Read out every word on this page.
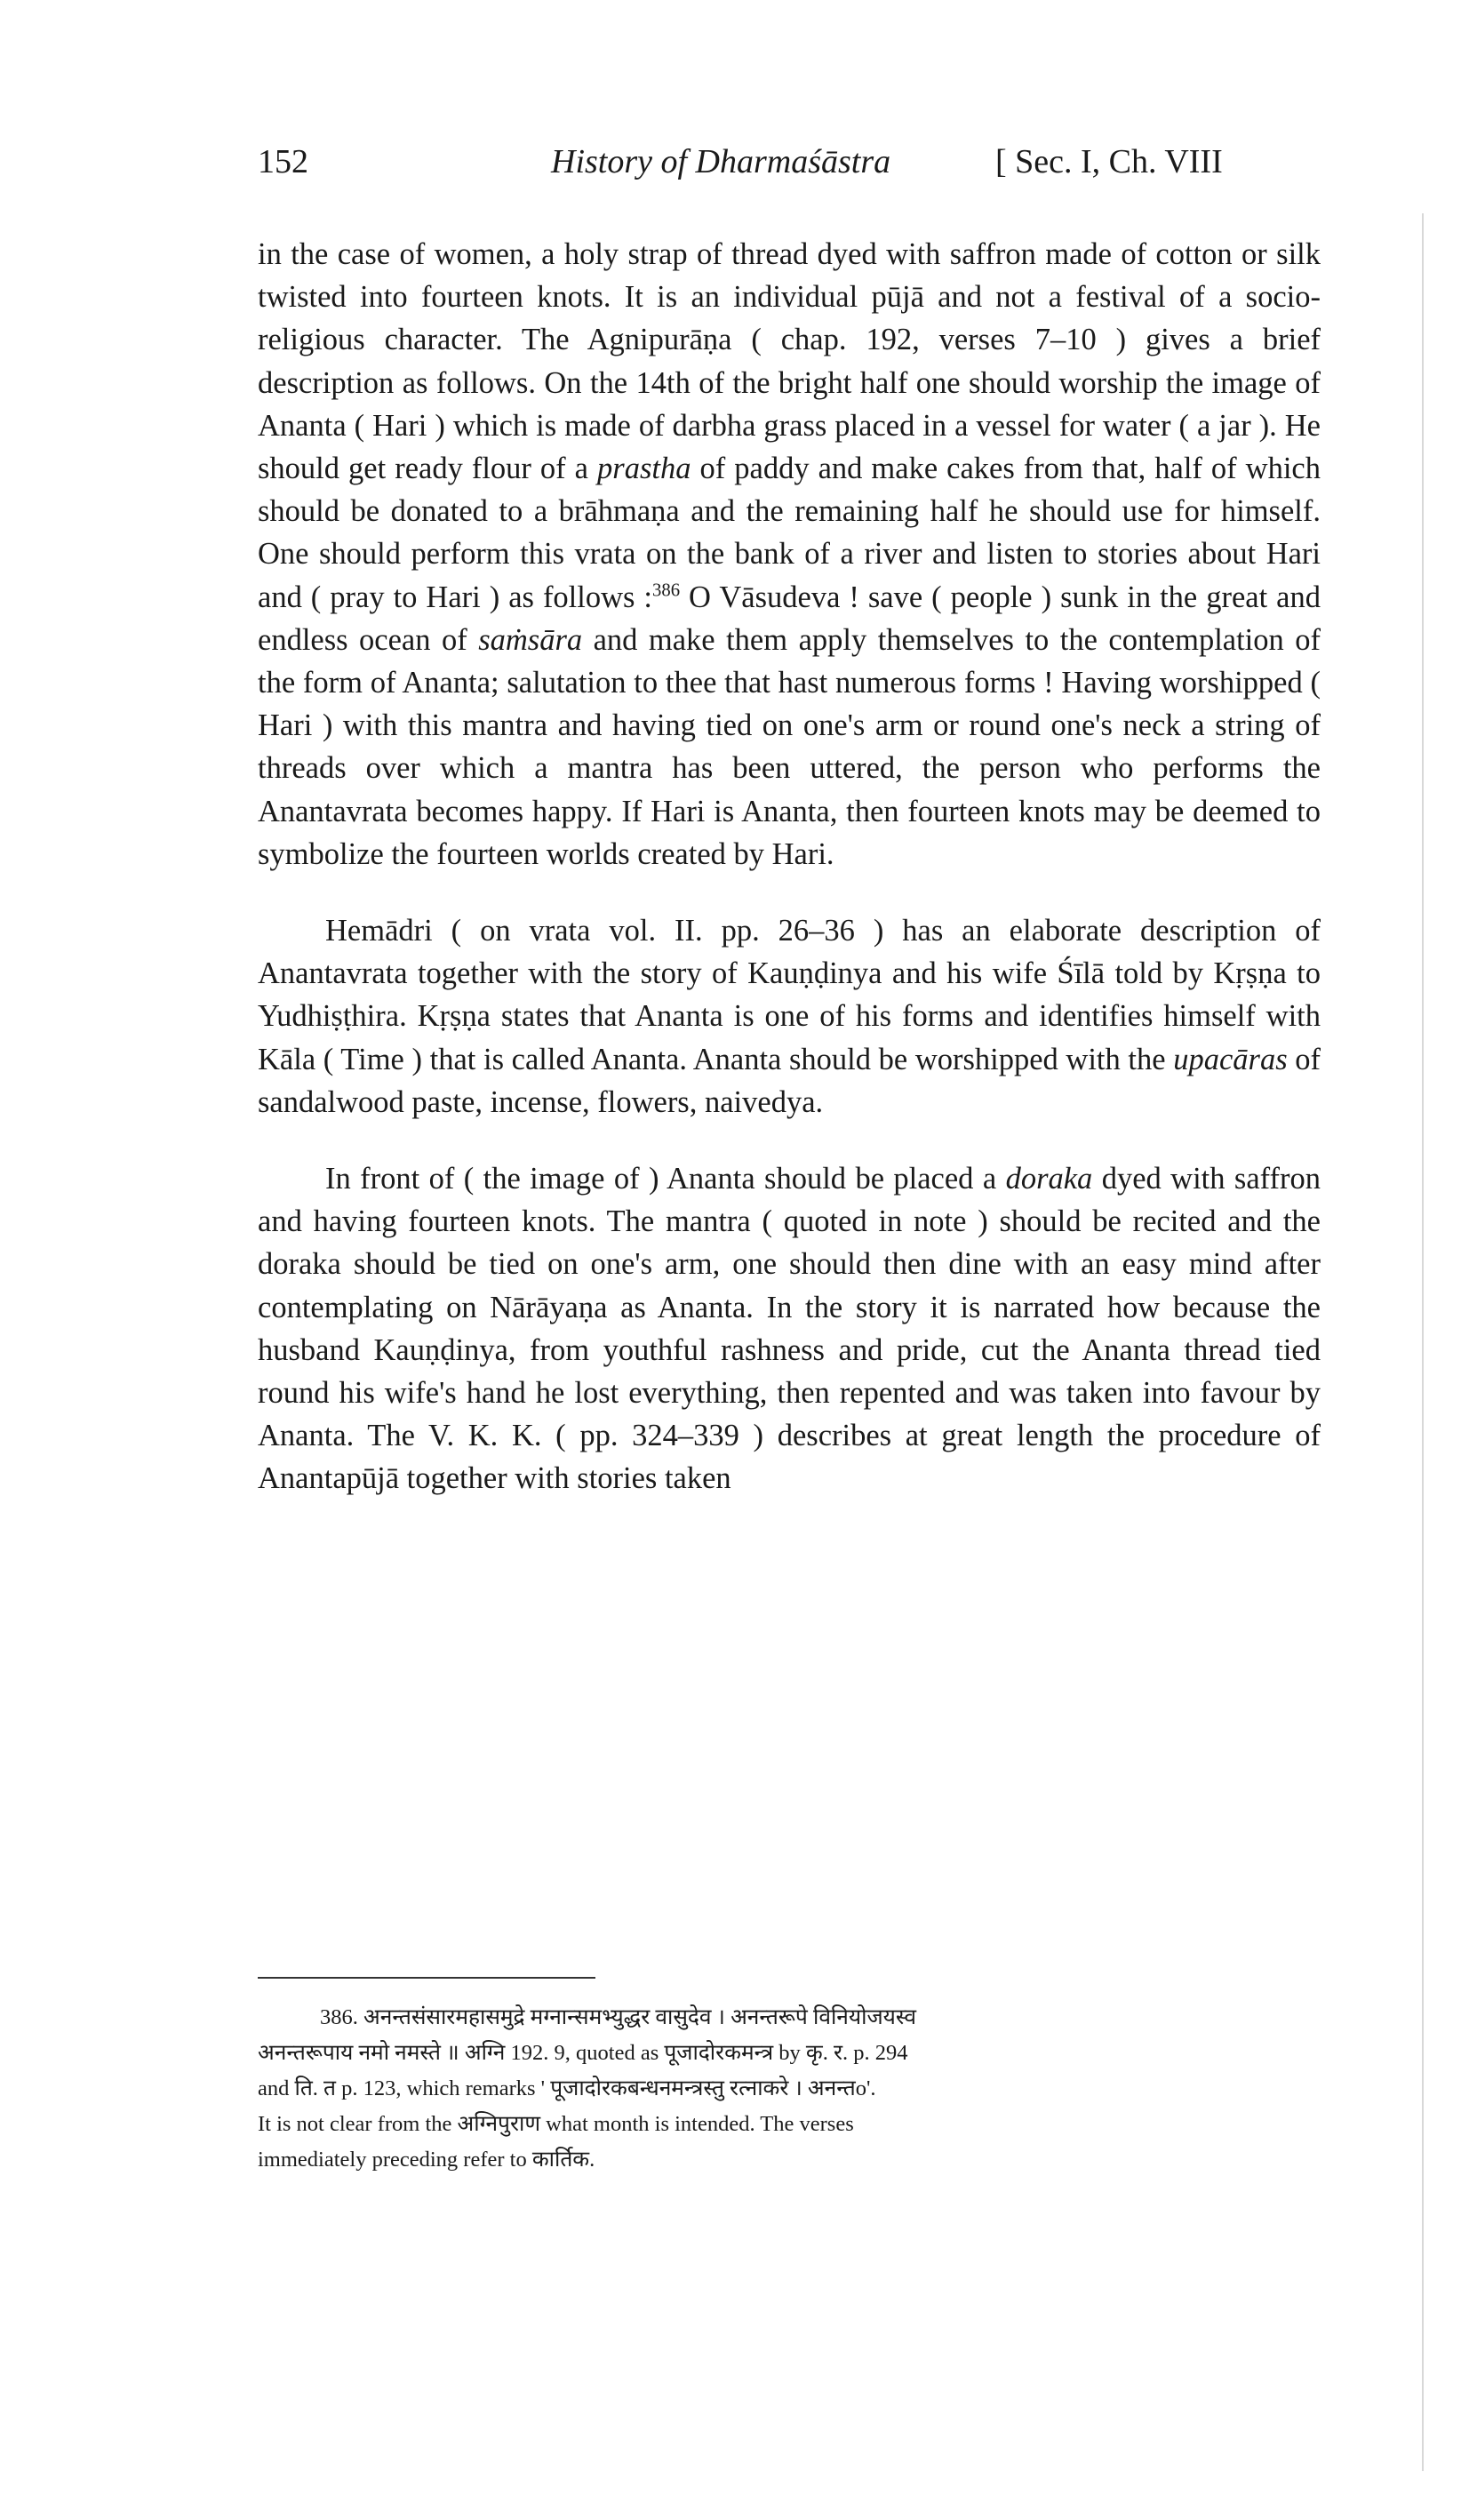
152	History of Dharmaśāstra	[ Sec. I, Ch. VIII

in the case of women, a holy strap of thread dyed with saffron made of cotton or silk twisted into fourteen knots. It is an individual pūjā and not a festival of a socio-religious character. The Agnipurāṇa ( chap. 192, verses 7–10 ) gives a brief description as follows. On the 14th of the bright half one should worship the image of Ananta ( Hari ) which is made of darbha grass placed in a vessel for water ( a jar ). He should get ready flour of a prastha of paddy and make cakes from that, half of which should be donated to a brāhmaṇa and the remaining half he should use for himself. One should perform this vrata on the bank of a river and listen to stories about Hari and ( pray to Hari ) as follows :$^{386}$ O Vāsudeva ! save ( people ) sunk in the great and endless ocean of saṁsāra and make them apply themselves to the contemplation of the form of Ananta; salutation to thee that hast numerous forms ! Having worshipped ( Hari ) with this mantra and having tied on one's arm or round one's neck a string of threads over which a mantra has been uttered, the person who performs the Anantavrata becomes happy. If Hari is Ananta, then fourteen knots may be deemed to symbolize the fourteen worlds created by Hari.

Hemādri ( on vrata vol. II. pp. 26–36 ) has an elaborate description of Anantavrata together with the story of Kauṇḍinya and his wife Śīlā told by Kṛṣṇa to Yudhiṣṭhira. Kṛṣṇa states that Ananta is one of his forms and identifies himself with Kāla ( Time ) that is called Ananta. Ananta should be worshipped with the upacāras of sandalwood paste, incense, flowers, naivedya.

In front of ( the image of ) Ananta should be placed a doraka dyed with saffron and having fourteen knots. The mantra ( quoted in note ) should be recited and the doraka should be tied on one's arm, one should then dine with an easy mind after contemplating on Nārāyaṇa as Ananta. In the story it is narrated how because the husband Kauṇḍinya, from youthful rashness and pride, cut the Ananta thread tied round his wife's hand he lost everything, then repented and was taken into favour by Ananta. The V. K. K. ( pp. 324–339 ) describes at great length the procedure of Anantapūjā together with stories taken

386. अनन्तसंसारमहासमुद्रे मग्नान्समभ्युद्धर वासुदेव । अनन्तरूपे विनियोजयस्व
अनन्तरूपाय नमो नमस्ते ॥ अग्नि 192. 9, quoted as पूजादोरकमन्त्र by कृ. र. p. 294
and ति. त p. 123, which remarks ' पूजादोरकबन्धनमन्त्रस्तु रत्नाकरे । अनन्तo'.
It is not clear from the अग्निपुराण what month is intended. The verses
immediately preceding refer to कार्तिक.
